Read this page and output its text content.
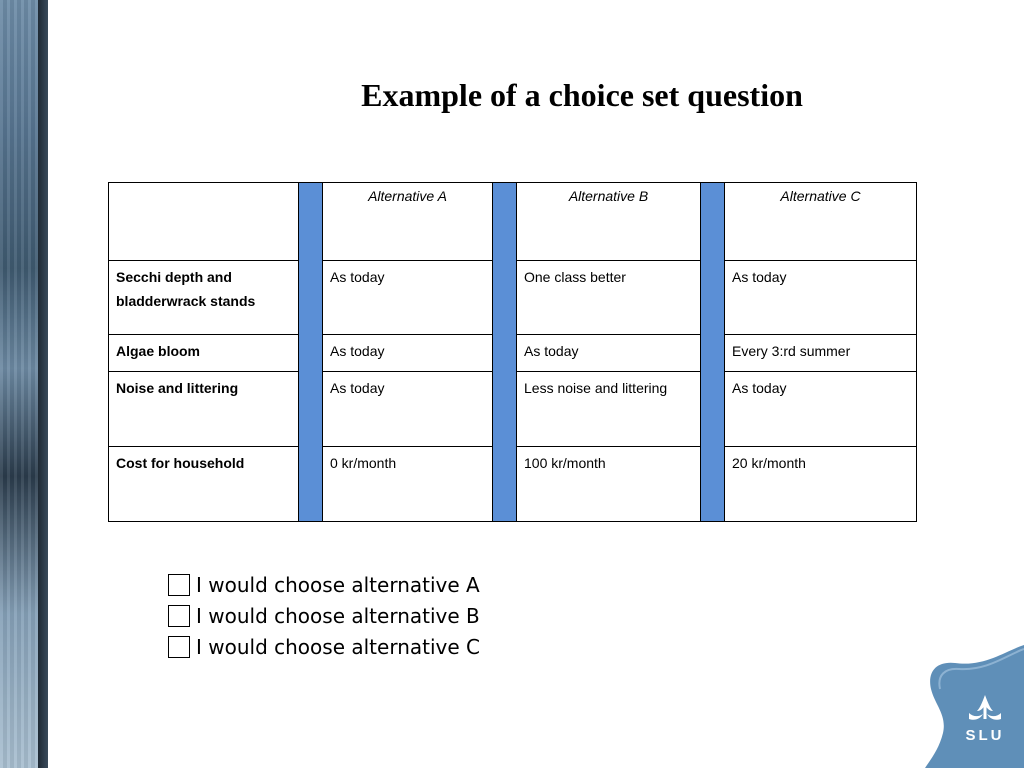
Example of a choice set question
		Alternative A		Alternative B		Alternative C
Secchi depth and bladderwrack stands		As today		One class better		As today
Algae bloom		As today		As today		Every 3:rd summer
Noise and littering		As today		Less noise and littering		As today
Cost for household		0 kr/month		100 kr/month		20 kr/month
I would choose alternative A
I would choose alternative B
I would choose alternative C
SLU
